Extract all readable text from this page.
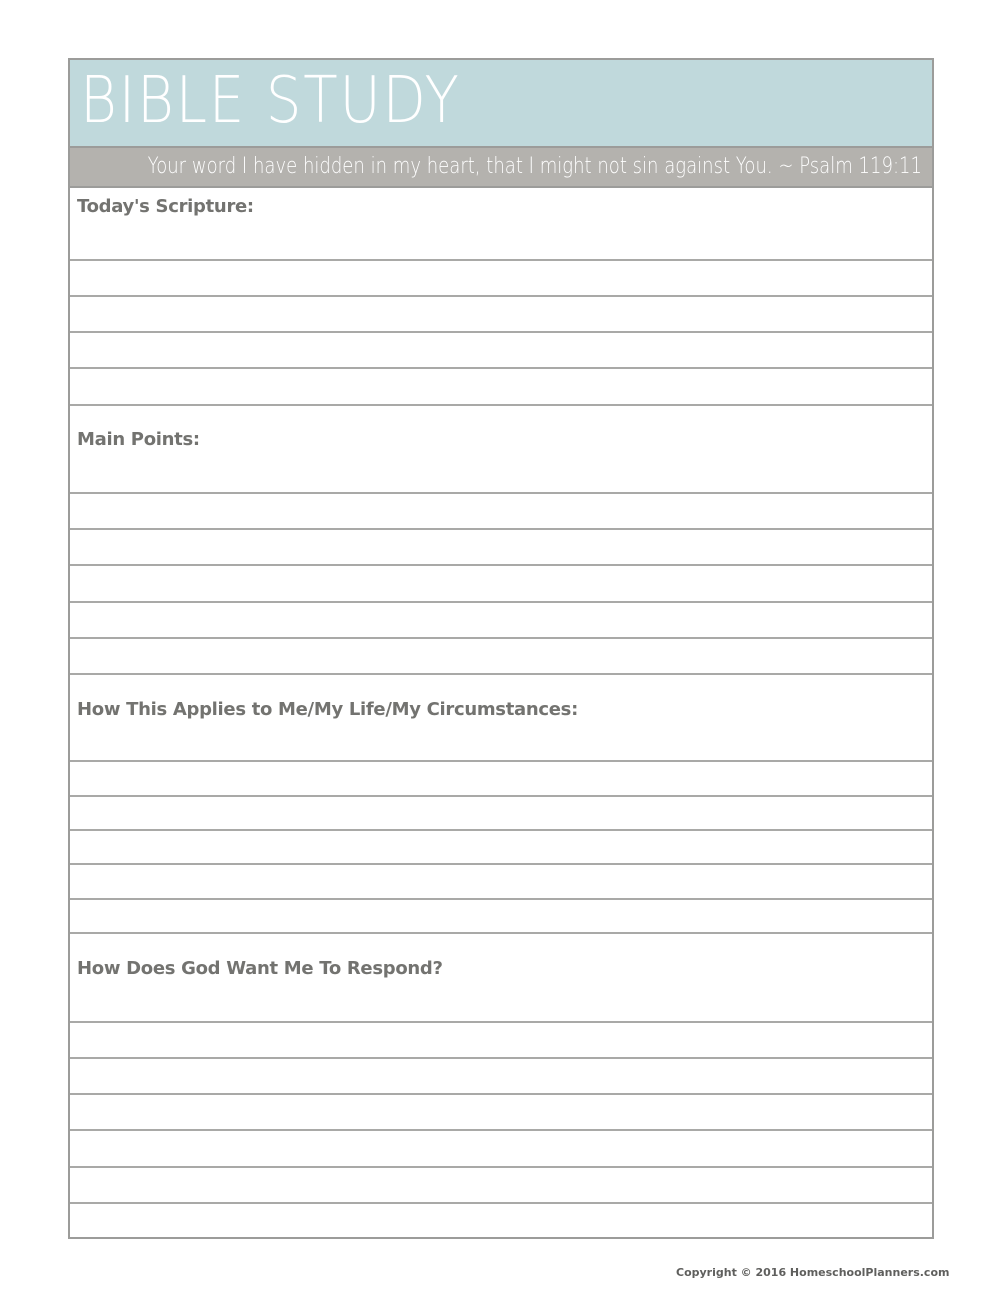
BIBLE STUDY
Your word I have hidden in my heart, that I might not sin against You. ~ Psalm 119:11
Today's Scripture:
Main Points:
How This Applies to Me/My Life/My Circumstances:
How Does God Want Me To Respond?
Copyright © 2016 HomeschoolPlanners.com
